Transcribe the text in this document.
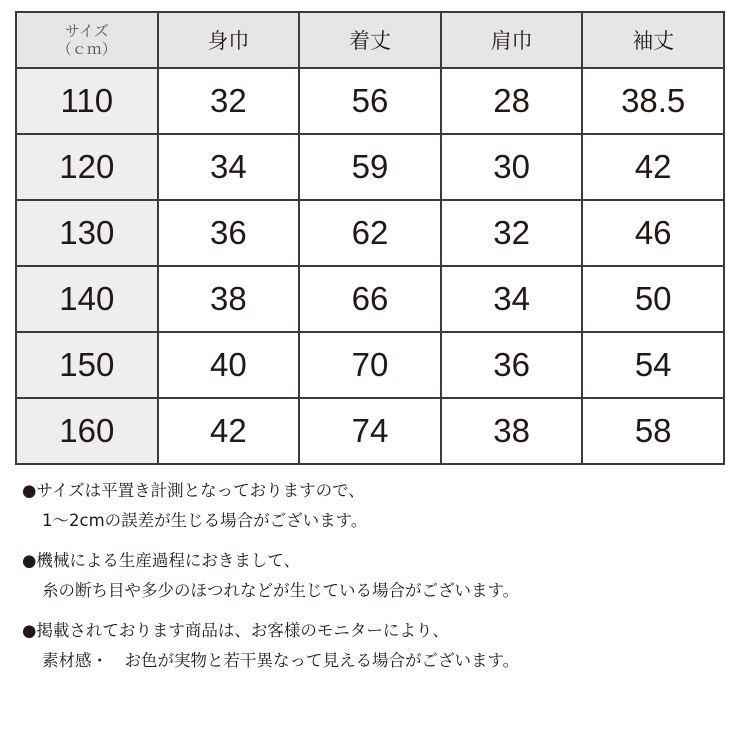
サイズ
（ｃｍ）	身巾	着丈	肩巾	袖丈
110	32	56	28	38.5
120	34	59	30	42
130	36	62	32	46
140	38	66	34	50
150	40	70	36	54
160	42	74	38	58
●サイズは平置き計測となっておりますので、
1～2cmの誤差が生じる場合がございます。
●機械による生産過程におきまして、
糸の断ち目や多少のほつれなどが生じている場合がございます。
●掲載されております商品は、お客様のモニターにより、
素材感・　お色が実物と若干異なって見える場合がございます。
